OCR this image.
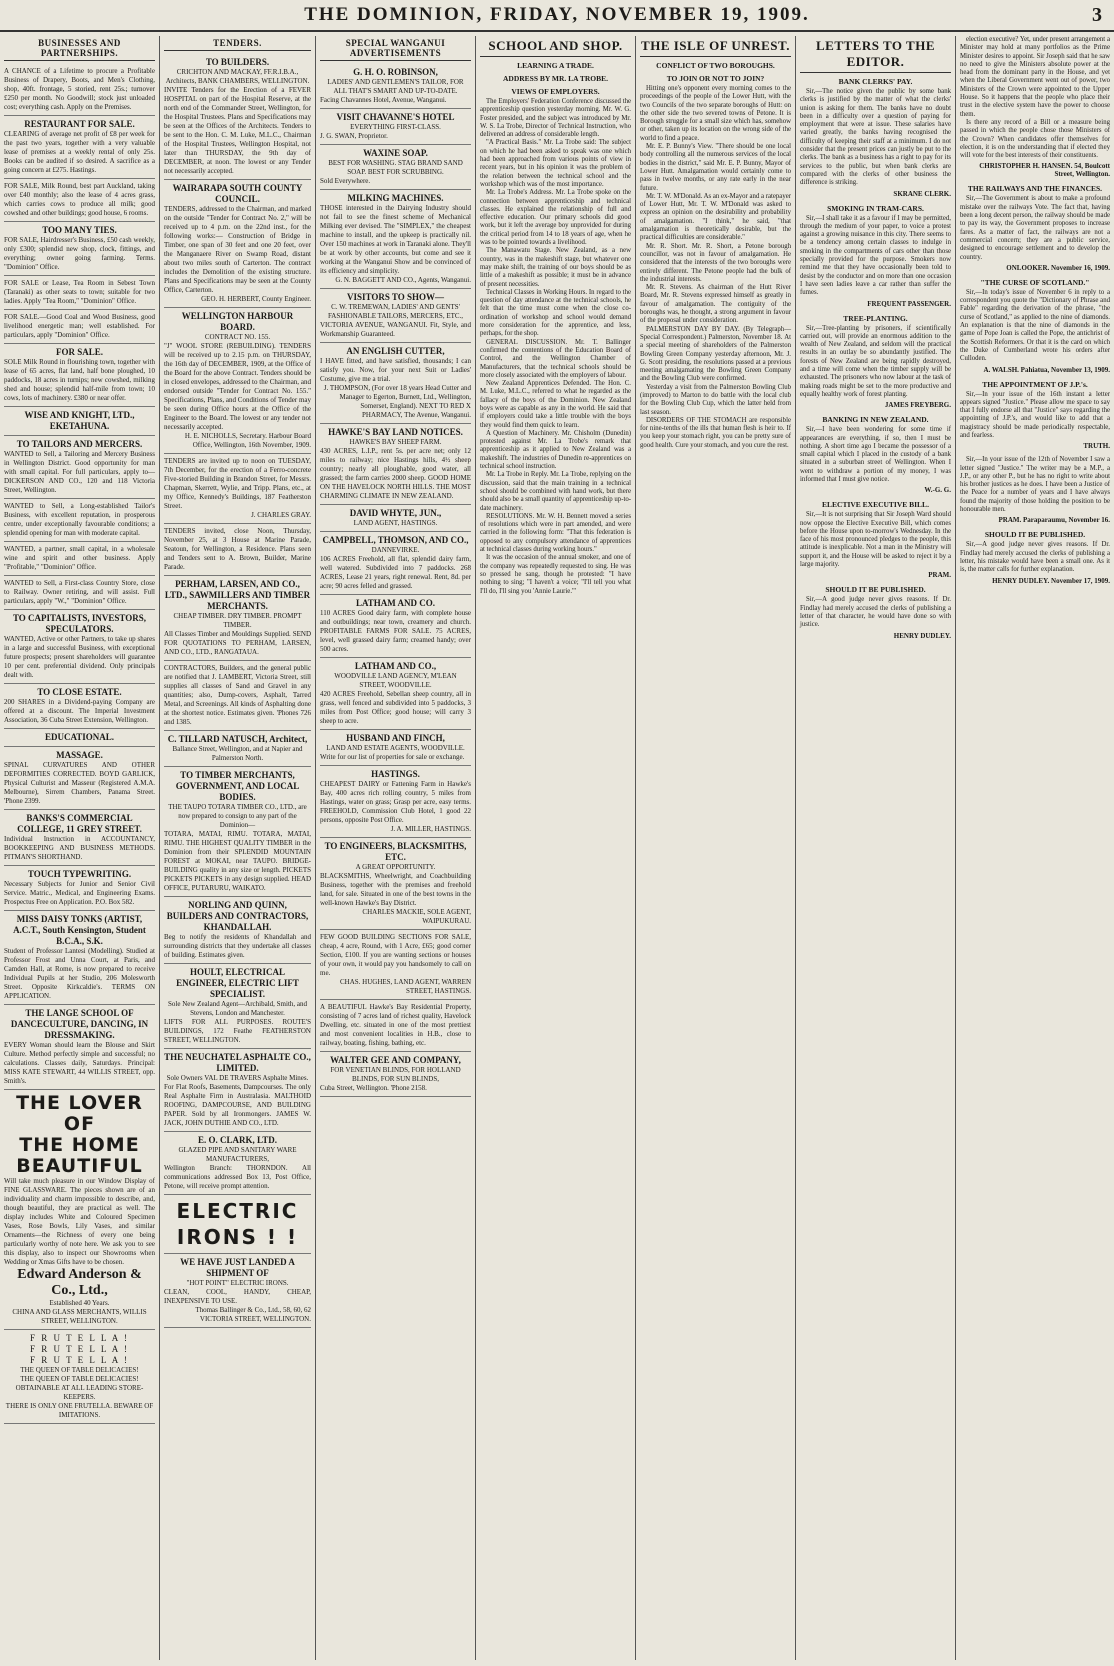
THE DOMINION, FRIDAY, NOVEMBER 19, 1909.	3
BUSINESSES AND PARTNERSHIPS.
A CHANCE of a Lifetime to procure a Profitable Business of Drapery, Boots, and Men's Clothing, shop, 40ft. frontage, 5 storied, rent 25s.; turnover £250 per month. No Goodwill; stock just unloaded cost; everything cash. Apply on the Premises.
RESTAURANT FOR SALE.
CLEARING of average net profit of £8 per week for the past two years, together with a very valuable lease of premises at a weekly rental of only 25s. Books can be audited if so desired. A sacrifice as a going concern at £275. Hastings.
FOR SALE, Milk Round, best part Auckland, taking over £40 monthly; also the lease of 4 acres grass, which carries cows to produce all milk; good cowshed and other buildings; good house, 6 rooms.
TOO MANY TIES.
FOR SALE, Hairdresser's Business, £50 cash weekly, only £300; splendid new shop, clock, fittings, and everything; owner going farming. Terms. "Dominion" Office.
FOR SALE or Lease, Tea Room in Sebest Town (Taranaki) as other seats to town; suitable for two ladies. Apply "Tea Room," "Dominion" Office.
FOR SALE.—Good Coal and Wood Business, good livelihood energetic man; well established. For particulars, apply "Dominion" Office.
FOR SALE.
SOLE Milk Round in flourishing town, together with lease of 65 acres, flat land, half bone ploughed, 10 paddocks, 18 acres in turnips; new cowshed, milking shed and house; splendid half-mile from town; 10 cows, lots of machinery. £380 or near offer.
WISE AND KNIGHT, LTD., EKETAHUNA.
TO TAILORS AND MERCERS.
WANTED to Sell, a Tailoring and Mercery Business in Wellington District. Good opportunity for man with small capital. For full particulars, apply to— DICKERSON AND CO., 120 and 118 Victoria Street, Wellington.
WANTED to Sell, a Long-established Tailor's Business, with excellent reputation, in prosperous centre, under exceptionally favourable conditions; a splendid opening for man with moderate capital.
WANTED, a partner, small capital, in a wholesale wine and spirit and other business. Apply "Profitable," "Dominion" Office.
WANTED to Sell, a First-class Country Store, close to Railway. Owner retiring, and will assist. Full particulars, apply "W.," "Dominion" Office.
TO CAPITALISTS, INVESTORS, SPECULATORS.
WANTED, Active or other Partners, to take up shares in a large and successful Business, with exceptional future prospects; present shareholders will guarantee 10 per cent. preferential dividend. Only principals dealt with.
TO CLOSE ESTATE.
200 SHARES in a Dividend-paying Company are offered at a discount. The Imperial Investment Association, 36 Cuba Street Extension, Wellington.
EDUCATIONAL.
MASSAGE.
SPINAL CURVATURES AND OTHER DEFORMITIES CORRECTED. BOYD GARLICK, Physical Culturist and Masseur (Registered A.M.A. Melbourne), Sirrem Chambers, Panama Street. 'Phone 2399.
BANKS'S COMMERCIAL COLLEGE, 11 GREY STREET.
Individual Instruction in ACCOUNTANCY, BOOKKEEPING AND BUSINESS METHODS. PITMAN'S SHORTHAND.
TOUCH TYPEWRITING.
Necessary Subjects for Junior and Senior Civil Service. Matric., Medical, and Engineering Exams. Prospectus Free on Application. P.O. Box 582.
MISS DAISY TONKS (ARTIST, A.C.T., South Kensington, Student B.C.A., S.K.
Student of Professor Lantesi (Modelling). Studied at Professor Frost and Unna Court, at Paris, and Camden Hall, at Rome, is now prepared to receive Individual Pupils at her Studio, 206 Molesworth Street. Opposite Kirkcaldie's. TERMS ON APPLICATION.
THE LANGE SCHOOL OF DANCECULTURE, DANCING, IN DRESSMAKING.
EVERY Woman should learn the Blouse and Skirt Culture. Method perfectly simple and successful; no calculations. Classes daily, Saturdays. Principal: MISS KATE STEWART, 44 WILLIS STREET, opp. Smith's.
THE LOVER OF
THE HOME BEAUTIFUL
Will take much pleasure in our Window Display of FINE GLASSWARE. The pieces shown are of an individuality and charm impossible to describe, and, though beautiful, they are practical as well. The display includes White and Coloured Specimen Vases, Rose Bowls, Lily Vases, and similar Ornaments—the Richness of every one being particularly worthy of note here. We ask you to see this display, also to inspect our Showrooms when Wedding or Xmas Gifts have to be chosen.
Edward Anderson & Co., Ltd.,
Established 40 Years.
CHINA AND GLASS MERCHANTS, WILLIS STREET, WELLINGTON.
F R U T E L L A !
F R U T E L L A !
F R U T E L L A !
THE QUEEN OF TABLE DELICACIES!
THE QUEEN OF TABLE DELICACIES!
OBTAINABLE AT ALL LEADING STORE-KEEPERS.
THERE IS ONLY ONE FRUTELLA. BEWARE OF IMITATIONS.
TENDERS.
TO BUILDERS.
CRICHTON AND MACKAY, FF.R.I.B.A., Architects, BANK CHAMBERS, WELLINGTON.
INVITE Tenders for the Erection of a FEVER HOSPITAL on part of the Hospital Reserve, at the north end of the Commander Street, Wellington, for the Hospital Trustees. Plans and Specifications may be seen at the Offices of the Architects. Tenders to be sent to the Hon. C. M. Luke, M.L.C., Chairman of the Hospital Trustees, Wellington Hospital, not later than THURSDAY, the 9th day of DECEMBER, at noon. The lowest or any Tender not necessarily accepted.
WAIRARAPA SOUTH COUNTY COUNCIL.
TENDERS, addressed to the Chairman, and marked on the outside "Tender for Contract No. 2," will be received up to 4 p.m. on the 22nd inst., for the following works:— Construction of Bridge in Timber, one span of 30 feet and one 20 feet, over the Manganaere River on Swamp Road, distant about two miles south of Carterton. The contract includes the Demolition of the existing structure. Plans and Specifications may be seen at the County Office, Carterton.
GEO. H. HERBERT, County Engineer.
WELLINGTON HARBOUR BOARD.
CONTRACT NO. 155.
"J" WOOL STORE (REBUILDING). TENDERS will be received up to 2.15 p.m. on THURSDAY, the 16th day of DECEMBER, 1909, at the Office of the Board for the above Contract. Tenders should be in closed envelopes, addressed to the Chairman, and endorsed outside "Tender for Contract No. 155." Specifications, Plans, and Conditions of Tender may be seen during Office hours at the Office of the Engineer to the Board. The lowest or any tender not necessarily accepted.
H. E. NICHOLLS, Secretary. Harbour Board Office, Wellington, 16th November, 1909.
TENDERS are invited up to noon on TUESDAY, 7th December, for the erection of a Ferro-concrete Five-storied Building in Brandon Street, for Messrs. Chapman, Skerrett, Wylie, and Tripp. Plans, etc., at my Office, Kennedy's Buildings, 187 Featherston Street.
J. CHARLES GRAY.
TENDERS invited, close Noon, Thursday, November 25, at 3 House at Marine Parade, Seatoun, for Wellington, a Residence. Plans seen and Tenders sent to A. Brown, Builder, Marine Parade.
PERHAM, LARSEN, AND CO., LTD., SAWMILLERS AND TIMBER MERCHANTS.
CHEAP TIMBER. DRY TIMBER. PROMPT TIMBER.
All Classes Timber and Mouldings Supplied. SEND FOR QUOTATIONS TO PERHAM, LARSEN, AND CO., LTD., RANGATAUA.
CONTRACTORS, Builders, and the general public are notified that J. LAMBERT, Victoria Street, still supplies all classes of Sand and Gravel in any quantities; also, Dump-covers, Asphalt, Tarred Metal, and Screenings. All kinds of Asphalting done at the shortest notice. Estimates given. 'Phones 726 and 1385.
C. TILLARD NATUSCH, Architect,
Ballance Street, Wellington, and at Napier and Palmerston North.
TO TIMBER MERCHANTS, GOVERNMENT, AND LOCAL BODIES.
THE TAUPO TOTARA TIMBER CO., LTD., are now prepared to consign to any part of the Dominion—
TOTARA, MATAI, RIMU. TOTARA, MATAI, RIMU. THE HIGHEST QUALITY TIMBER in the Dominion from their SPLENDID MOUNTAIN FOREST at MOKAI, near TAUPO. BRIDGE-BUILDING quality in any size or length. PICKETS PICKETS PICKETS in any design supplied. HEAD OFFICE, PUTARURU, WAIKATO.
NORLING AND QUINN, BUILDERS AND CONTRACTORS, KHANDALLAH.
Beg to notify the residents of Khandallah and surrounding districts that they undertake all classes of building. Estimates given.
HOULT, ELECTRICAL ENGINEER, ELECTRIC LIFT SPECIALIST.
Sole New Zealand Agent—Archibald, Smith, and Stevens, London and Manchester.
LIFTS FOR ALL PURPOSES. ROUTE'S BUILDINGS, 172 Feathe FEATHERSTON STREET, WELLINGTON.
THE NEUCHATEL ASPHALTE CO., LIMITED.
Sole Owners VAL DE TRAVERS Asphalte Mines.
For Flat Roofs, Basements, Dampcourses. The only Real Asphalte Firm in Australasia. MALTHOID ROOFING, DAMPCOURSE, AND BUILDING PAPER. Sold by all Ironmongers. JAMES W. JACK, JOHN DUTHIE AND CO., LTD.
E. O. CLARK, LTD.
GLAZED PIPE AND SANITARY WARE MANUFACTURERS,
Wellington Branch: THORNDON. All communications addressed Box 13, Post Office, Petone, will receive prompt attention.
ELECTRIC IRONS ! !
WE HAVE JUST LANDED A SHIPMENT OF
"HOT POINT" ELECTRIC IRONS.
CLEAN, COOL, HANDY, CHEAP, INEXPENSIVE TO USE.
Thomas Ballinger & Co., Ltd., 58, 60, 62 VICTORIA STREET, WELLINGTON.
SPECIAL WANGANUI ADVERTISEMENTS
G. H. O. ROBINSON,
LADIES' AND GENTLEMEN'S TAILOR, FOR ALL THAT'S SMART AND UP-TO-DATE.
Facing Chavannes Hotel, Avenue, Wanganui.
VISIT CHAVANNE'S HOTEL
EVERYTHING FIRST-CLASS.
J. G. SWAN, Proprietor.
WAXINE SOAP.
BEST FOR WASHING. STAG BRAND SAND SOAP. BEST FOR SCRUBBING.
Sold Everywhere.
MILKING MACHINES.
THOSE interested in the Dairying Industry should not fail to see the finest scheme of Mechanical Milking ever devised. The "SIMPLEX," the cheapest machine to install, and the upkeep is practically nil. Over 150 machines at work in Taranaki alone. They'll be at work by other accounts, but come and see it working at the Wanganui Show and be convinced of its efficiency and simplicity.
G. N. BAGGETT AND CO., Agents, Wanganui.
VISITORS TO SHOW—
C. W. TREMEWAN, LADIES' AND GENTS' FASHIONABLE TAILORS, MERCERS, ETC.,
VICTORIA AVENUE, WANGANUI. Fit, Style, and Workmanship Guaranteed.
AN ENGLISH CUTTER,
I HAVE fitted, and have satisfied, thousands; I can satisfy you. Now, for your next Suit or Ladies' Costume, give me a trial.
J. THOMPSON, (For over 18 years Head Cutter and Manager to Egerton, Burnett, Ltd., Wellington, Somerset, England). NEXT TO RED X PHARMACY, The Avenue, Wanganui.
HAWKE'S BAY LAND NOTICES.
HAWKE'S BAY SHEEP FARM.
430 ACRES, L.I.P., rent 5s. per acre net; only 12 miles to railway; nice Hastings hills, 4½ sheep country; nearly all ploughable, good water, all grassed; the farm carries 2000 sheep. GOOD HOME ON THE HAVELOCK NORTH HILLS. THE MOST CHARMING CLIMATE IN NEW ZEALAND.
DAVID WHYTE, JUN.,
LAND AGENT, HASTINGS.
CAMPBELL, THOMSON, AND CO.,
DANNEVIRKE.
106 ACRES Freehold, all flat, splendid dairy farm, well watered. Subdivided into 7 paddocks. 268 ACRES, Lease 21 years, right renewal. Rent, 8d. per acre; 90 acres felled and grassed.
LATHAM AND CO.
110 ACRES Good dairy farm, with complete house and outbuildings; near town, creamery and church. PROFITABLE FARMS FOR SALE. 75 ACRES, level, well grassed dairy farm; creamed handy; over 500 acres.
LATHAM AND CO.,
WOODVILLE LAND AGENCY, M'LEAN STREET, WOODVILLE.
420 ACRES Freehold, Sebellan sheep country, all in grass, well fenced and subdivided into 5 paddocks, 3 miles from Post Office; good house; will carry 3 sheep to acre.
HUSBAND AND FINCH,
LAND AND ESTATE AGENTS, WOODVILLE.
Write for our list of properties for sale or exchange.
HASTINGS.
CHEAPEST DAIRY or Fattening Farm in Hawke's Bay, 400 acres rich rolling country, 5 miles from Hastings, water on grass; Grasp per acre, easy terms. FREEHOLD, Commission Club Hotel, 1 good 22 persons, opposite Post Office.
J. A. MILLER, HASTINGS.
TO ENGINEERS, BLACKSMITHS, ETC.
A GREAT OPPORTUNITY.
BLACKSMITHS, Wheelwright, and Coachbuilding Business, together with the premises and freehold land, for sale. Situated in one of the best towns in the well-known Hawke's Bay District.
CHARLES MACKIE, SOLE AGENT, WAIPUKURAU.
FEW GOOD BUILDING SECTIONS FOR SALE, cheap, 4 acre, Round, with 1 Acre, £65; good corner Section, £100. If you are wanting sections or houses of your own, it would pay you handsomely to call on me.
CHAS. HUGHES, LAND AGENT, WARREN STREET, HASTINGS.
A BEAUTIFUL Hawke's Bay Residential Property, consisting of 7 acres land of richest quality, Havelock Dwelling, etc. situated in one of the most prettiest and most convenient localities in H.B., close to railway, boating, fishing, bathing, etc.
WALTER GEE AND COMPANY,
FOR VENETIAN BLINDS, FOR HOLLAND BLINDS, FOR SUN BLINDS,
Cuba Street, Wellington. 'Phone 2158.
SCHOOL AND SHOP.
LEARNING A TRADE.
ADDRESS BY MR. LA TROBE.
VIEWS OF EMPLOYERS.

The Employers' Federation Conference discussed the apprenticeship question yesterday morning. Mr. W. G. Foster presided, and the subject was introduced by Mr. W. S. La Trobe, Director of Technical Instruction, who delivered an address of considerable length.

"A Practical Basis." Mr. La Trobe said: The subject on which he had been asked to speak was one which had been approached from various points of view in recent years, but in his opinion it was the problem of the relation between the technical school and the workshop which was of the most importance.

Mr. La Trobe's Address. Mr. La Trobe spoke on the connection between apprenticeship and technical classes. He explained the relationship of full and effective education. Our primary schools did good work, but it left the average boy unprovided for during the critical period from 14 to 18 years of age, when he was to be pointed towards a livelihood.

The Manawatu Stage. New Zealand, as a new country, was in the makeshift stage, but whatever one may make shift, the training of our boys should be as little of a makeshift as possible; it must be in advance of present necessities.

Technical Classes in Working Hours. In regard to the question of day attendance at the technical schools, he felt that the time must come when the close co-ordination of workshop and school would demand more consideration for the apprentice, and less, perhaps, for the shop.

GENERAL DISCUSSION. Mr. T. Ballinger confirmed the contentions of the Education Board of Control, and the Wellington Chamber of Manufacturers, that the technical schools should be more closely associated with the employers of labour.

New Zealand Apprentices Defended. The Hon. C. M. Luke, M.L.C., referred to what he regarded as the fallacy of the boys of the Dominion. New Zealand boys were as capable as any in the world. He said that if employers could take a little trouble with the boys they would find them quick to learn.

A Question of Machinery. Mr. Chisholm (Dunedin) protested against Mr. La Trobe's remark that apprenticeship as it applied to New Zealand was a makeshift. The industries of Dunedin re-apprentices on technical school instruction.

Mr. La Trobe in Reply. Mr. La Trobe, replying on the discussion, said that the main training in a technical school should be combined with hand work, but there should also be a small quantity of apprenticeship up-to-date machinery.

RESOLUTIONS. Mr. W. H. Bennett moved a series of resolutions which were in part amended, and were carried in the following form: "That this federation is opposed to any compulsory attendance of apprentices at technical classes during working hours."

It was the occasion of the annual smoker, and one of the company was repeatedly requested to sing. He was so pressed he sang, though he protested: "I have nothing to sing; "I haven't a voice; "I'll tell you what I'll do, I'll sing you 'Annie Laurie.'"

THE ISLE OF UNREST.
CONFLICT OF TWO BOROUGHS.
TO JOIN OR NOT TO JOIN?

Hitting one's opponent every morning comes to the proceedings of the people of the Lower Hutt, with the two Councils of the two separate boroughs of Hutt: on the other side the two severed towns of Petone. It is Borough struggle for a small size which has, somehow or other, taken up its location on the wrong side of the world to find a peace.

Mr. E. P. Bunny's View. "There should be one local body controlling all the numerous services of the local bodies in the district," said Mr. E. P. Bunny, Mayor of Lower Hutt. Amalgamation would certainly come to pass in twelve months, or any rate early in the near future.

Mr. T. W. M'Donald. As an ex-Mayor and a ratepayer of Lower Hutt, Mr. T. W. M'Donald was asked to express an opinion on the desirability and probability of amalgamation. "I think," he said, "that amalgamation is theoretically desirable, but the practical difficulties are considerable."

Mr. R. Short. Mr. R. Short, a Petone borough councillor, was not in favour of amalgamation. He considered that the interests of the two boroughs were entirely different. The Petone people had the bulk of the industrial interests.

Mr. R. Stevens. As chairman of the Hutt River Board, Mr. R. Stevens expressed himself as greatly in favour of amalgamation. The contiguity of the boroughs was, he thought, a strong argument in favour of the proposal under consideration.

PALMERSTON DAY BY DAY. (By Telegraph—Special Correspondent.) Palmerston, November 18. At a special meeting of shareholders of the Palmerston Bowling Green Company yesterday afternoon, Mr. J. G. Scott presiding, the resolutions passed at a previous meeting amalgamating the Bowling Green Company and the Bowling Club were confirmed.

Yesterday a visit from the Palmerston Bowling Club (improved) to Marton to do battle with the local club for the Bowling Club Cup, which the latter held from last season.

DISORDERS OF THE STOMACH are responsible for nine-tenths of the ills that human flesh is heir to. If you keep your stomach right, you can be pretty sure of good health. Cure your stomach, and you cure the rest.

LETTERS TO THE EDITOR.
BANK CLERKS' PAY.

Sir,—The notice given the public by some bank clerks is justified by the matter of what the clerks' union is asking for them. The banks have no doubt been in a difficulty over a question of paying for employment that were at issue. These salaries have varied greatly, the banks having recognised the difficulty of keeping their staff at a minimum. I do not consider that the present prices can justly be put to the clerks. The bank as a business has a right to pay for its services to the public, but when bank clerks are compared with the clerks of other business the difference is striking.

SKRANE CLERK.
SMOKING IN TRAM-CARS.

Sir,—I shall take it as a favour if I may be permitted, through the medium of your paper, to voice a protest against a growing nuisance in this city. There seems to be a tendency among certain classes to indulge in smoking in the compartments of cars other than those specially provided for the purpose. Smokers now remind me that they have occasionally been told to desist by the conductor and on more than one occasion I have seen ladies leave a car rather than suffer the fumes.

FREQUENT PASSENGER.
TREE-PLANTING.

Sir,—Tree-planting by prisoners, if scientifically carried out, will provide an enormous addition to the wealth of New Zealand, and seldom will the practical results in an outlay be so abundantly justified. The forests of New Zealand are being rapidly destroyed, and a time will come when the timber supply will be exhausted. The prisoners who now labour at the task of making roads might be set to the more productive and equally healthy work of forest planting.

JAMES FREYBERG.
BANKING IN NEW ZEALAND.

Sir,—I have been wondering for some time if appearances are everything, if so, then I must be nothing. A short time ago I became the possessor of a small capital which I placed in the custody of a bank situated in a suburban street of Wellington. When I went to withdraw a portion of my money, I was informed that I must give notice.

W.-G. G.
ELECTIVE EXECUTIVE BILL.

Sir,—It is not surprising that Sir Joseph Ward should now oppose the Elective Executive Bill, which comes before the House upon to-morrow's Wednesday. In the face of his most pronounced pledges to the people, this attitude is inexplicable. Not a man in the Ministry will support it, and the House will be asked to reject it by a large majority.

PRAM.
SHOULD IT BE PUBLISHED.

Sir,—A good judge never gives reasons. If Dr. Findlay had merely accused the clerks of publishing a letter of that character, he would have done so with justice.

HENRY DUDLEY.

election executive? Yet, under present arrangement a Minister may hold at many portfolios as the Prime Minister desires to appoint. Sir Joseph said that he saw no need to give the Ministers absolute power at the head from the dominant party in the House, and yet when the Liberal Government went out of power, two Ministers of the Crown were appointed to the Upper House. So it happens that the people who place their trust in the elective system have the power to choose them.

Is there any record of a Bill or a measure being passed in which the people chose those Ministers of the Crown? When candidates offer themselves for election, it is on the understanding that if elected they will vote for the best interests of their constituents.

CHRISTOPHER H. HANSEN. 54, Boulcott Street, Wellington.
THE RAILWAYS AND THE FINANCES.

Sir,—The Government is about to make a profound mistake over the railways Vote. The fact that, having been a long decent person, the railway should be made to pay its way, the Government proposes to increase fares. As a matter of fact, the railways are not a commercial concern; they are a public service, designed to encourage settlement and to develop the country.

ONLOOKER. November 16, 1909.
"THE CURSE OF SCOTLAND."

Sir,—In today's issue of November 6 in reply to a correspondent you quote the "Dictionary of Phrase and Fable" regarding the derivation of the phrase, "the curse of Scotland," as applied to the nine of diamonds. An explanation is that the nine of diamonds in the game of Pope Joan is called the Pope, the antichrist of the Scottish Reformers. Or that it is the card on which the Duke of Cumberland wrote his orders after Culloden.

A. WALSH. Pahiatua, November 13, 1909.
THE APPOINTMENT OF J.P.'s.

Sir,—In your issue of the 16th instant a letter appears signed "Justice." Please allow me space to say that I fully endorse all that "Justice" says regarding the appointing of J.P.'s, and would like to add that a magistracy should be made periodically respectable, and fearless.

TRUTH.

Sir,—In your issue of the 12th of November I saw a letter signed "Justice." The writer may be a M.P., a J.P., or any other P., but he has no right to write about his brother justices as he does. I have been a Justice of the Peace for a number of years and I have always found the majority of those holding the position to be honourable men.

PRAM. Paraparaumu, November 16.
SHOULD IT BE PUBLISHED.

Sir,—A good judge never gives reasons. If Dr. Findlay had merely accused the clerks of publishing a letter, his mistake would have been a small one. As it is, the matter calls for further explanation.

HENRY DUDLEY. November 17, 1909.
